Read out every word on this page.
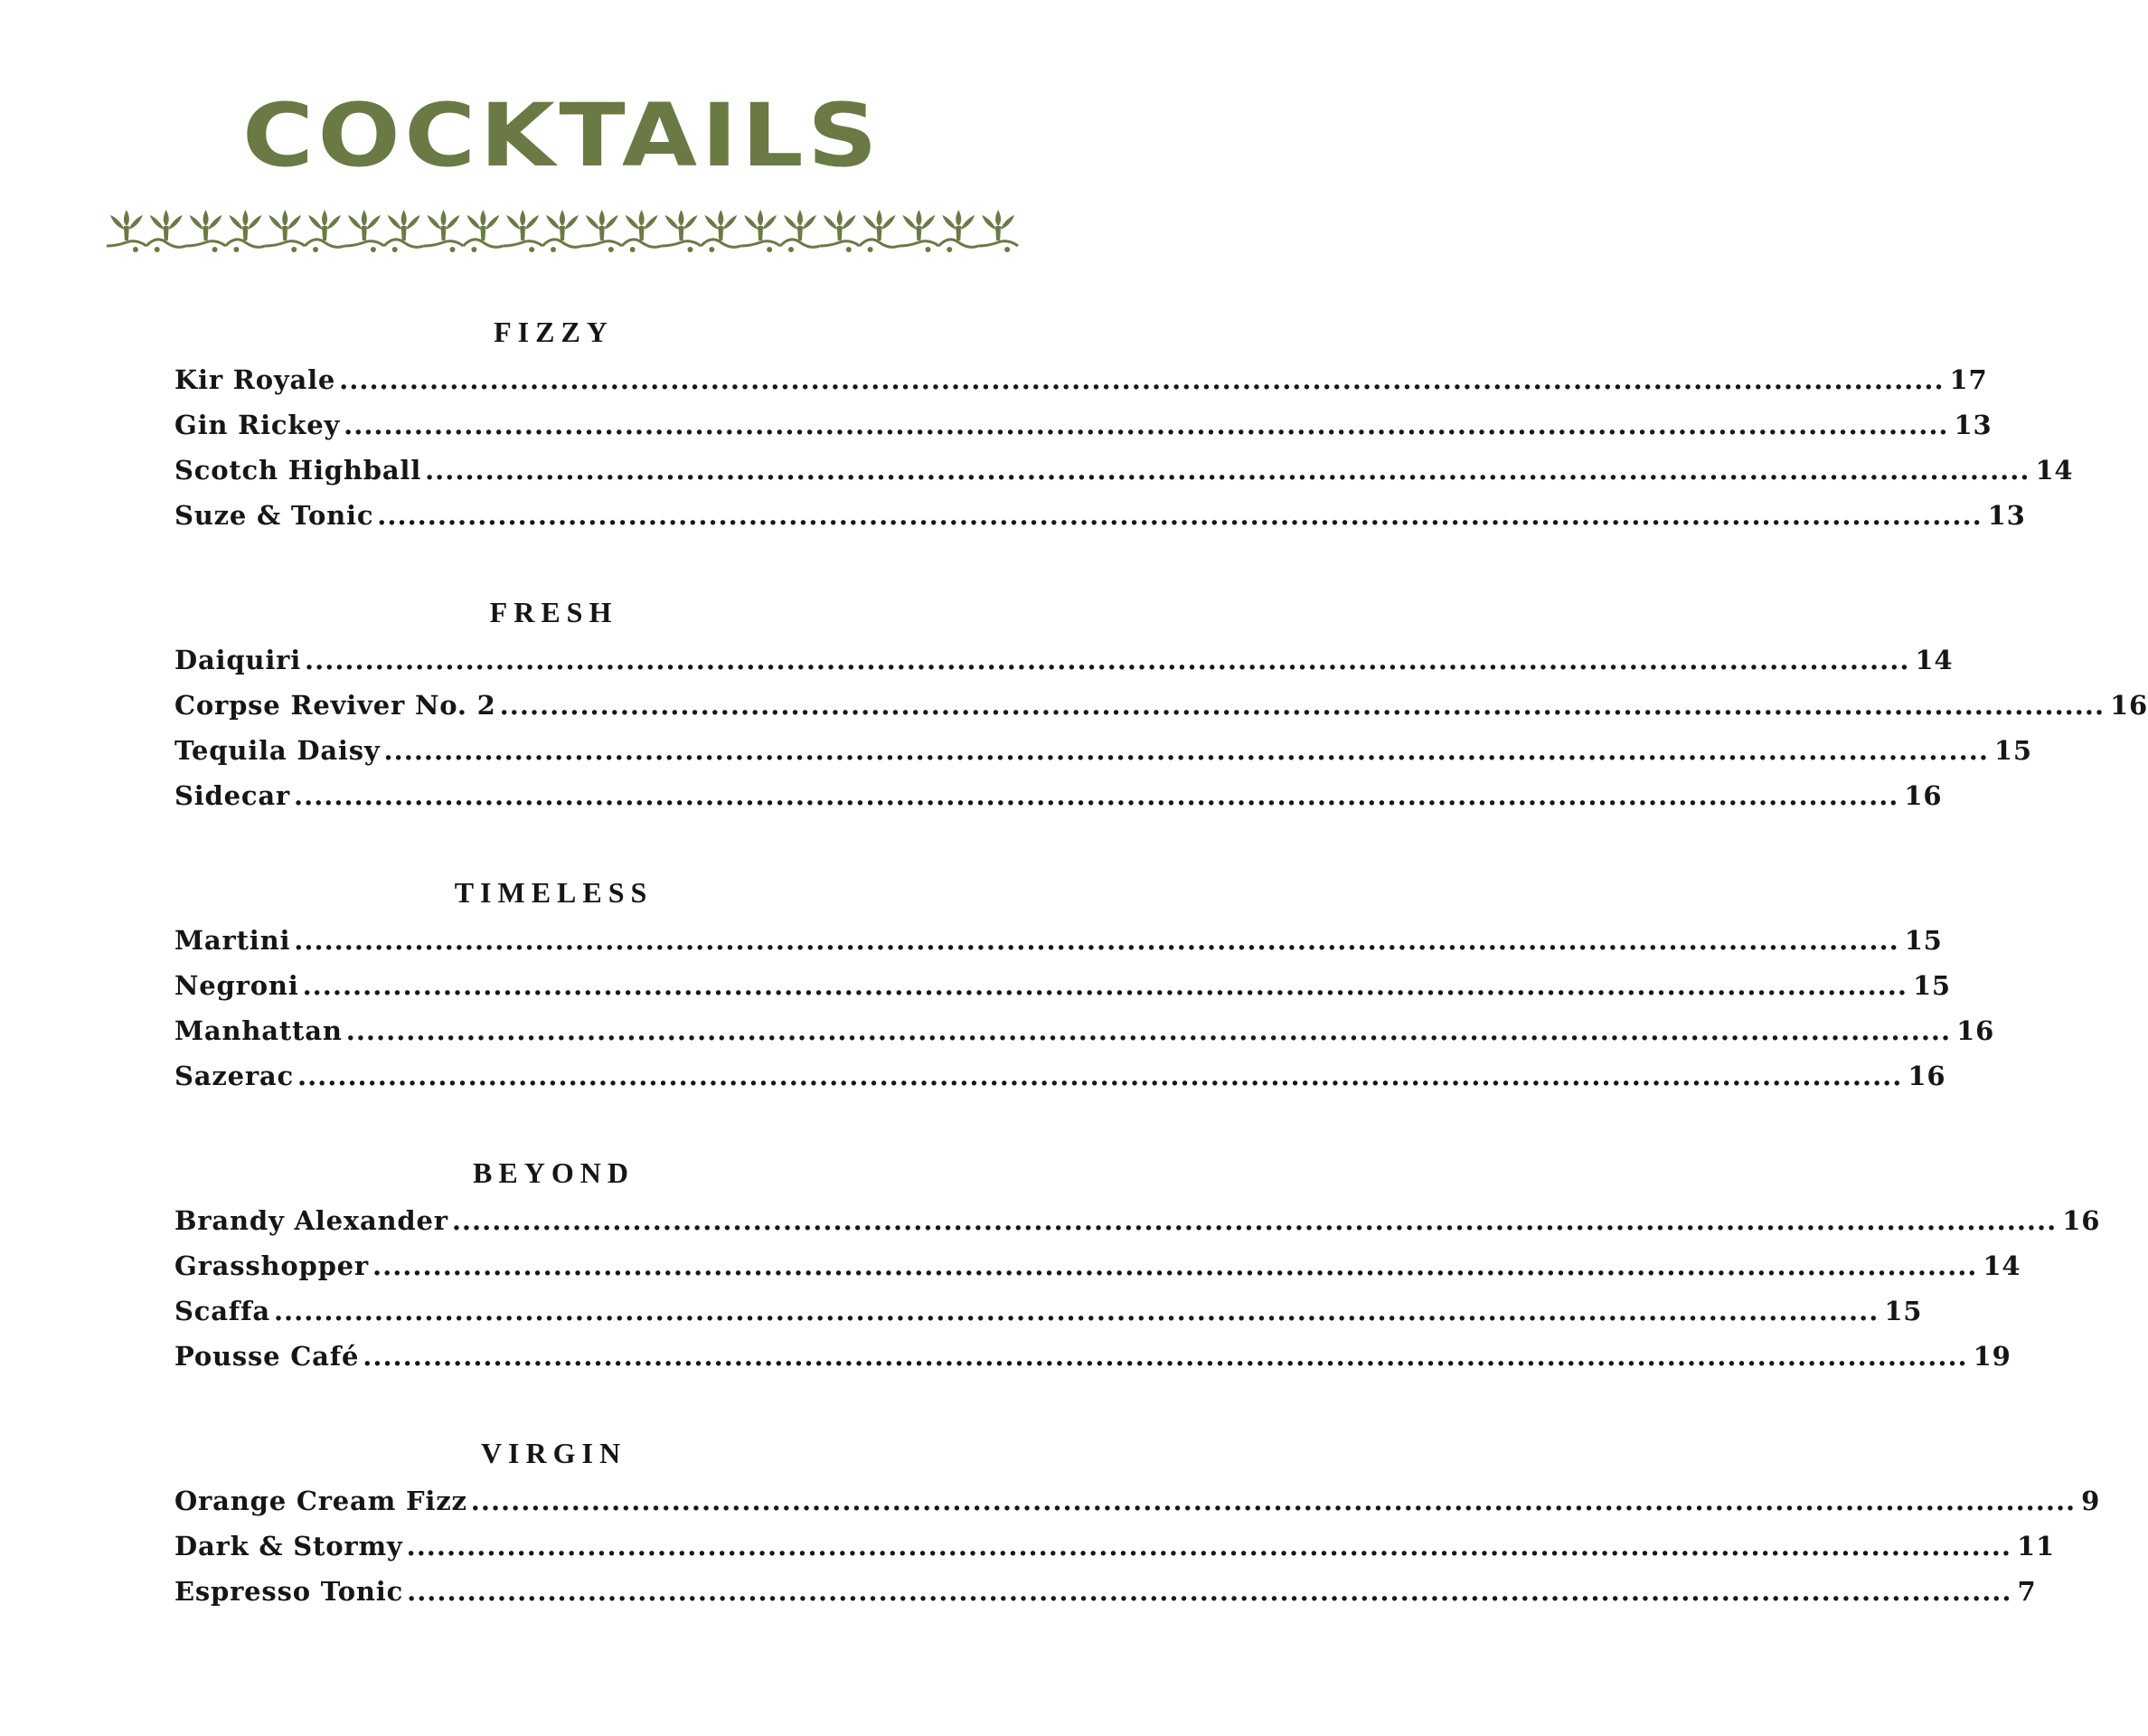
COCKTAILS
FIZZY
Kir Royale ................................................................................................................................................................ 17
Gin Rickey ................................................................................................................................................................ 13
Scotch Highball ................................................................................................................................................................ 14
Suze & Tonic ................................................................................................................................................................ 13
FRESH
Daiquiri ................................................................................................................................................................ 14
Corpse Reviver No. 2 ................................................................................................................................................................ 16
Tequila Daisy ................................................................................................................................................................ 15
Sidecar ................................................................................................................................................................ 16
TIMELESS
Martini ................................................................................................................................................................ 15
Negroni ................................................................................................................................................................ 15
Manhattan ................................................................................................................................................................ 16
Sazerac ................................................................................................................................................................ 16
BEYOND
Brandy Alexander ................................................................................................................................................................ 16
Grasshopper ................................................................................................................................................................ 14
Scaffa ................................................................................................................................................................ 15
Pousse Café ................................................................................................................................................................ 19
VIRGIN
Orange Cream Fizz ................................................................................................................................................................ 9
Dark & Stormy ................................................................................................................................................................ 11
Espresso Tonic ................................................................................................................................................................ 7
